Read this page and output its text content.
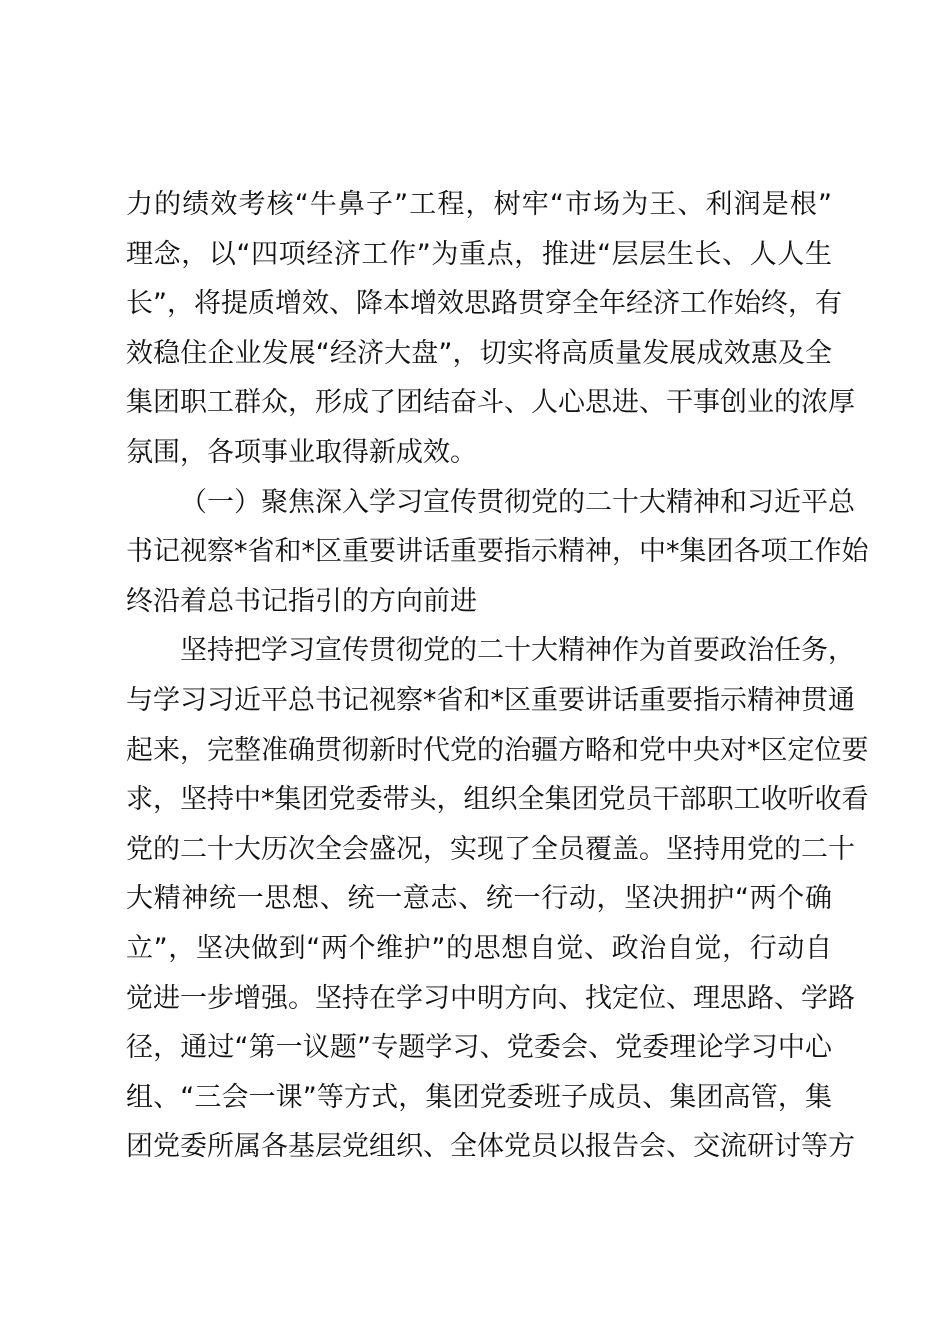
力的绩效考核“牛鼻子”工程，树牢“市场为王、利润是根”
理念，以“四项经济工作”为重点，推进“层层生长、人人生
长”，将提质增效、降本增效思路贯穿全年经济工作始终，有
效稳住企业发展“经济大盘”，切实将高质量发展成效惠及全
集团职工群众，形成了团结奋斗、人心思进、干事创业的浓厚
氛围，各项事业取得新成效。
（一）聚焦深入学习宣传贯彻党的二十大精神和习近平总
书记视察*省和*区重要讲话重要指示精神，中*集团各项工作始
终沿着总书记指引的方向前进
坚持把学习宣传贯彻党的二十大精神作为首要政治任务，
与学习习近平总书记视察*省和*区重要讲话重要指示精神贯通
起来，完整准确贯彻新时代党的治疆方略和党中央对*区定位要
求，坚持中*集团党委带头，组织全集团党员干部职工收听收看
党的二十大历次全会盛况，实现了全员覆盖。坚持用党的二十
大精神统一思想、统一意志、统一行动，坚决拥护“两个确
立”，坚决做到“两个维护”的思想自觉、政治自觉，行动自
觉进一步增强。坚持在学习中明方向、找定位、理思路、学路
径，通过“第一议题”专题学习、党委会、党委理论学习中心
组、“三会一课”等方式，集团党委班子成员、集团高管，集
团党委所属各基层党组织、全体党员以报告会、交流研讨等方
